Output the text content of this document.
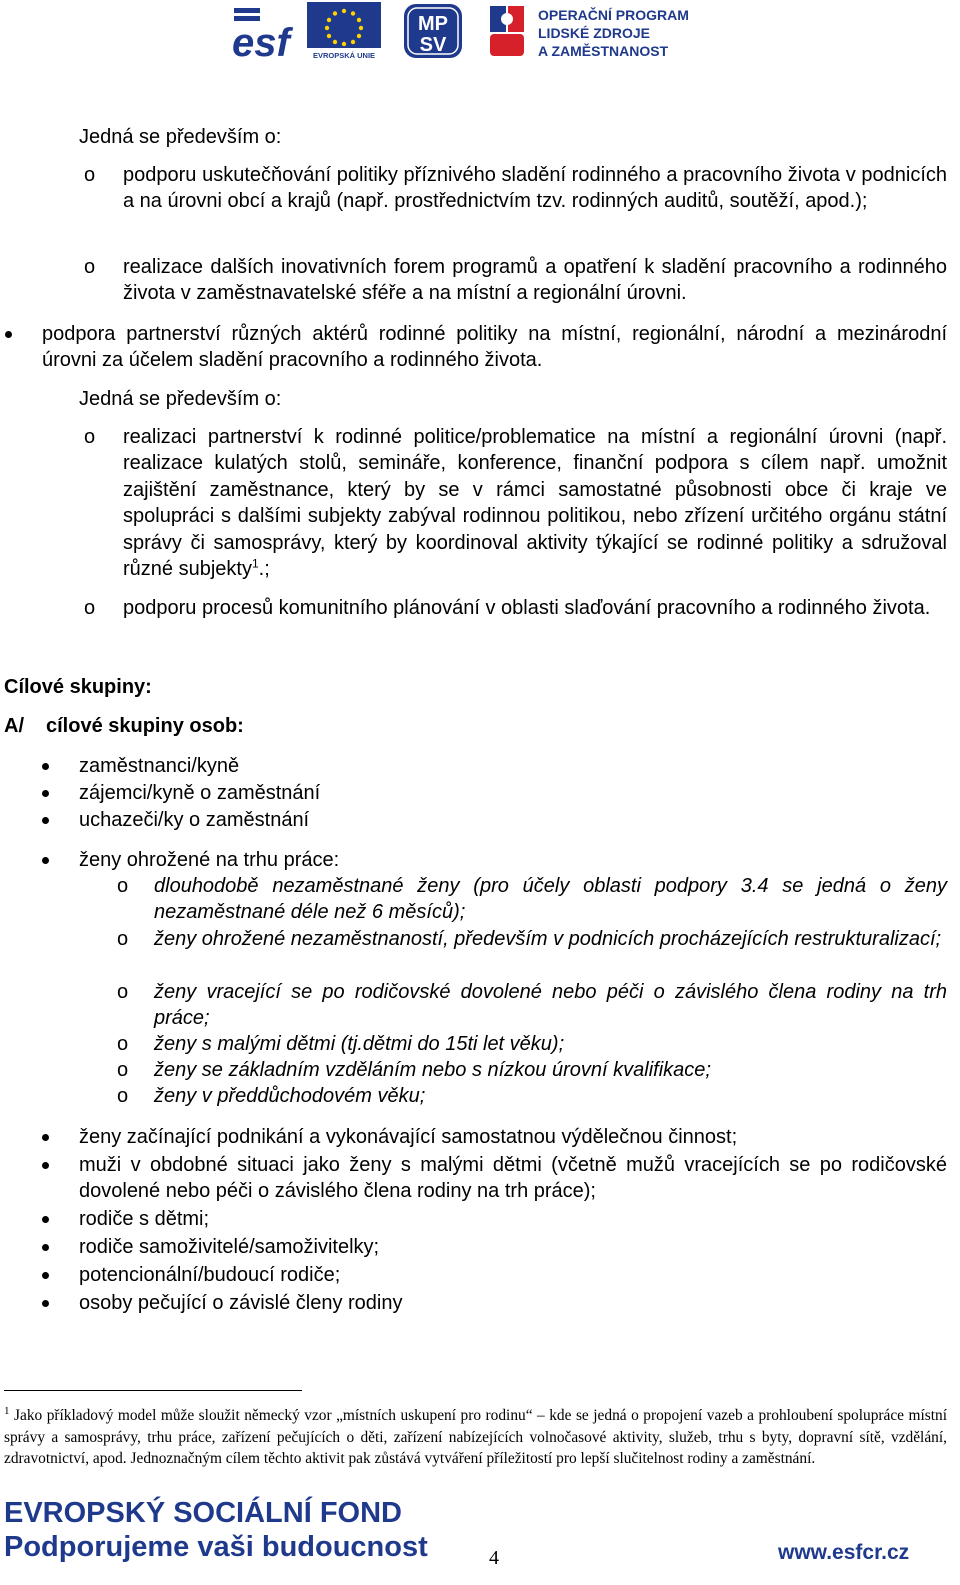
esf	EVROPSKÁ UNIE
MP
SV
OPERAČNÍ PROGRAM
LIDSKÉ ZDROJE
A ZAMĚSTNANOST
Jedná se především o:
o podporu uskutečňování politiky příznivého sladění rodinného a pracovního života v podnicích a na úrovni obcí a krajů (např. prostřednictvím tzv. rodinných auditů, soutěží, apod.);
o realizace dalších inovativních forem programů a opatření k sladění pracovního a rodinného života v zaměstnavatelské sféře a na místní a regionální úrovni.
podpora partnerství různých aktérů rodinné politiky na místní, regionální, národní a mezinárodní úrovni za účelem sladění pracovního a rodinného života.
Jedná se především o:
o realizaci partnerství k rodinné politice/problematice na místní a regionální úrovni (např. realizace kulatých stolů, semináře, konference, finanční podpora s cílem např. umožnit zajištění zaměstnance, který by se v rámci samostatné působnosti obce či kraje ve spolupráci s dalšími subjekty zabýval rodinnou politikou, nebo zřízení určitého orgánu státní správy či samosprávy, který by koordinoval aktivity týkající se rodinné politiky a sdružoval různé subjekty$^1$.;
o podporu procesů komunitního plánování v oblasti slaďování pracovního a rodinného života.
Cílové skupiny:
A/ cílové skupiny osob:
zaměstnanci/kyně
zájemci/kyně o zaměstnání
uchazeči/ky o zaměstnání
ženy ohrožené na trhu práce:
o dlouhodobě nezaměstnané ženy (pro účely oblasti podpory 3.4 se jedná o ženy nezaměstnané déle než 6 měsíců);
o ženy ohrožené nezaměstnaností, především v podnicích procházejících restrukturalizací;
o ženy vracející se po rodičovské dovolené nebo péči o závislého člena rodiny na trh práce;
o ženy s malými dětmi (tj.dětmi do 15ti let věku);
o ženy se základním vzděláním nebo s nízkou úrovní kvalifikace;
o ženy v předdůchodovém věku;
ženy začínající podnikání a vykonávající samostatnou výdělečnou činnost;
muži v obdobné situaci jako ženy s malými dětmi (včetně mužů vracejících se po rodičovské dovolené nebo péči o závislého člena rodiny na trh práce);
rodiče s dětmi;
rodiče samoživitelé/samoživitelky;
potencionální/budoucí rodiče;
osoby pečující o závislé členy rodiny
$^1$ Jako příkladový model může sloužit německý vzor „místních uskupení pro rodinu“ – kde se jedná o propojení vazeb a prohloubení spolupráce místní správy a samosprávy, trhu práce, zařízení pečujících o děti, zařízení nabízejících volnočasové aktivity, služeb, trhu s byty, dopravní sítě, vzdělání, zdravotnictví, apod. Jednoznačným cílem těchto aktivit pak zůstává vytváření příležitostí pro lepší slučitelnost rodiny a zaměstnání.
EVROPSKÝ SOCIÁLNÍ FOND
Podporujeme vaši budoucnost	4	www.esfcr.cz
